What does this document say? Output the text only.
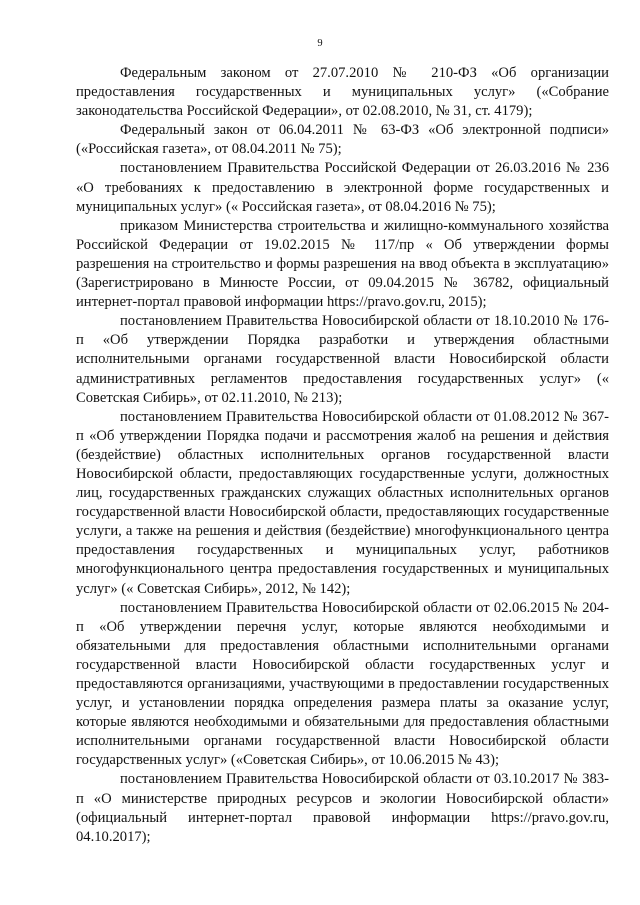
9

Федеральным законом от 27.07.2010 № 210-ФЗ «Об организации предоставления государственных и муниципальных услуг» («Собрание законодательства Российской Федерации», от 02.08.2010, № 31, ст. 4179);

Федеральный закон от 06.04.2011 № 63-ФЗ «Об электронной подписи» («Российская газета», от 08.04.2011 № 75);

постановлением Правительства Российской Федерации от 26.03.2016 № 236 «О требованиях к предоставлению в электронной форме государственных и муниципальных услуг» (« Российская газета», от 08.04.2016 № 75);

приказом Министерства строительства и жилищно-коммунального хозяйства Российской Федерации от 19.02.2015 № 117/пр « Об утверждении формы разрешения на строительство и формы разрешения на ввод объекта в эксплуатацию» (Зарегистрировано в Минюсте России, от 09.04.2015 № 36782, официальный интернет-портал правовой информации https://pravo.gov.ru, 2015);

постановлением Правительства Новосибирской области от 18.10.2010 № 176-п «Об утверждении Порядка разработки и утверждения областными исполнительными органами государственной власти Новосибирской области административных регламентов предоставления государственных услуг» (« Советская Сибирь», от 02.11.2010, № 213);

постановлением Правительства Новосибирской области от 01.08.2012 № 367-п «Об утверждении Порядка подачи и рассмотрения жалоб на решения и действия (бездействие) областных исполнительных органов государственной власти Новосибирской области, предоставляющих государственные услуги, должностных лиц, государственных гражданских служащих областных исполнительных органов государственной власти Новосибирской области, предоставляющих государственные услуги, а также на решения и действия (бездействие) многофункционального центра предоставления государственных и муниципальных услуг, работников многофункционального центра предоставления государственных и муниципальных услуг» (« Советская Сибирь», 2012, № 142);

постановлением Правительства Новосибирской области от 02.06.2015 № 204-п «Об утверждении перечня услуг, которые являются необходимыми и обязательными для предоставления областными исполнительными органами государственной власти Новосибирской области государственных услуг и предоставляются организациями, участвующими в предоставлении государственных услуг, и установлении порядка определения размера платы за оказание услуг, которые являются необходимыми и обязательными для предоставления областными исполнительными органами государственной власти Новосибирской области государственных услуг» («Советская Сибирь», от 10.06.2015 № 43);

постановлением Правительства Новосибирской области от 03.10.2017 № 383-п «О министерстве природных ресурсов и экологии Новосибирской области» (официальный интернет-портал правовой информации https://pravo.gov.ru, 04.10.2017);
